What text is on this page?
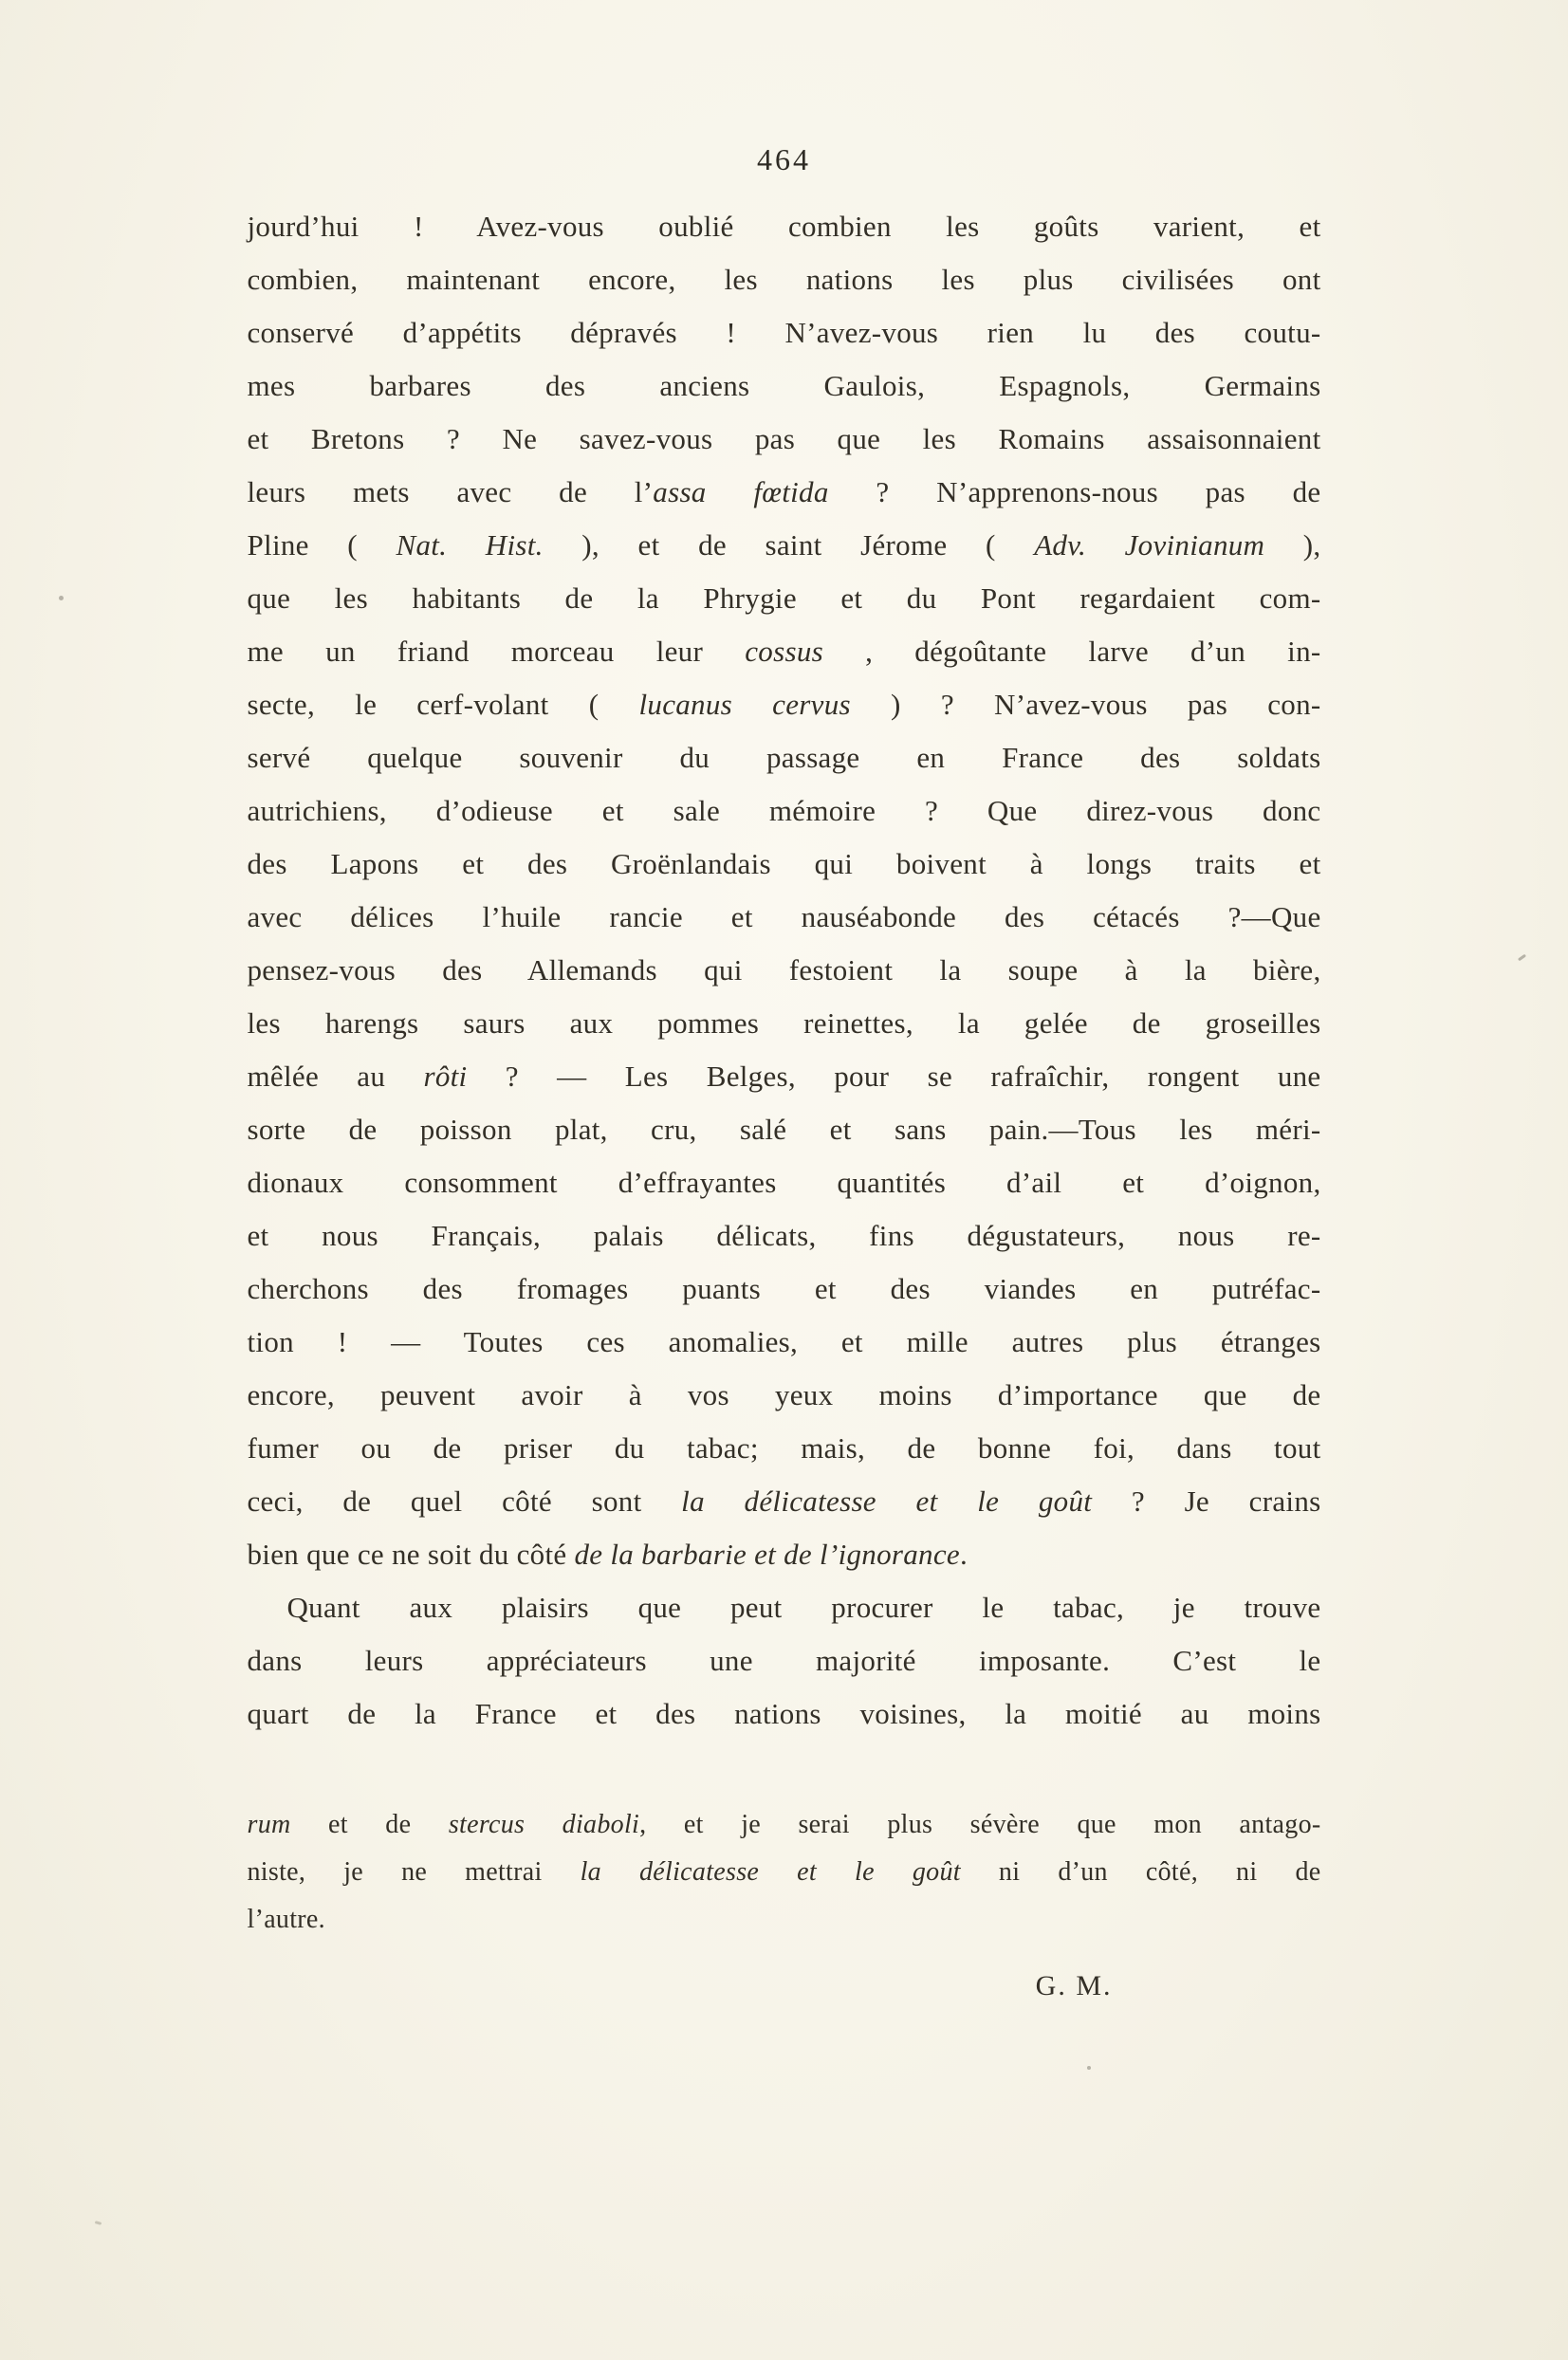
464
jourd’hui ! Avez-vous oublié combien les goûts varient, et
combien, maintenant encore, les nations les plus civilisées ont
conservé d’appétits dépravés ! N’avez-vous rien lu des coutu-
mes barbares des anciens Gaulois, Espagnols, Germains
et Bretons ? Ne savez-vous pas que les Romains assaisonnaient
leurs mets avec de l’assa fœtida ? N’apprenons-nous pas de
Pline ( Nat. Hist. ), et de saint Jérome ( Adv. Jovinianum ),
que les habitants de la Phrygie et du Pont regardaient com-
me un friand morceau leur cossus , dégoûtante larve d’un in-
secte, le cerf-volant ( lucanus cervus ) ? N’avez-vous pas con-
servé quelque souvenir du passage en France des soldats
autrichiens, d’odieuse et sale mémoire ? Que direz-vous donc
des Lapons et des Groënlandais qui boivent à longs traits et
avec délices l’huile rancie et nauséabonde des cétacés ?—Que
pensez-vous des Allemands qui festoient la soupe à la bière,
les harengs saurs aux pommes reinettes, la gelée de groseilles
mêlée au rôti ? — Les Belges, pour se rafraîchir, rongent une
sorte de poisson plat, cru, salé et sans pain.—Tous les méri-
dionaux consomment d’effrayantes quantités d’ail et d’oignon,
et nous Français, palais délicats, fins dégustateurs, nous re-
cherchons des fromages puants et des viandes en putréfac-
tion ! — Toutes ces anomalies, et mille autres plus étranges
encore, peuvent avoir à vos yeux moins d’importance que de
fumer ou de priser du tabac; mais, de bonne foi, dans tout
ceci, de quel côté sont la délicatesse et le goût ? Je crains
bien que ce ne soit du côté de la barbarie et de l’ignorance.
Quant aux plaisirs que peut procurer le tabac, je trouve
dans leurs appréciateurs une majorité imposante. C’est le
quart de la France et des nations voisines, la moitié au moins
rum et de stercus diaboli, et je serai plus sévère que mon antago-
niste, je ne mettrai la délicatesse et le goût ni d’un côté, ni de
l’autre.
G. M.
